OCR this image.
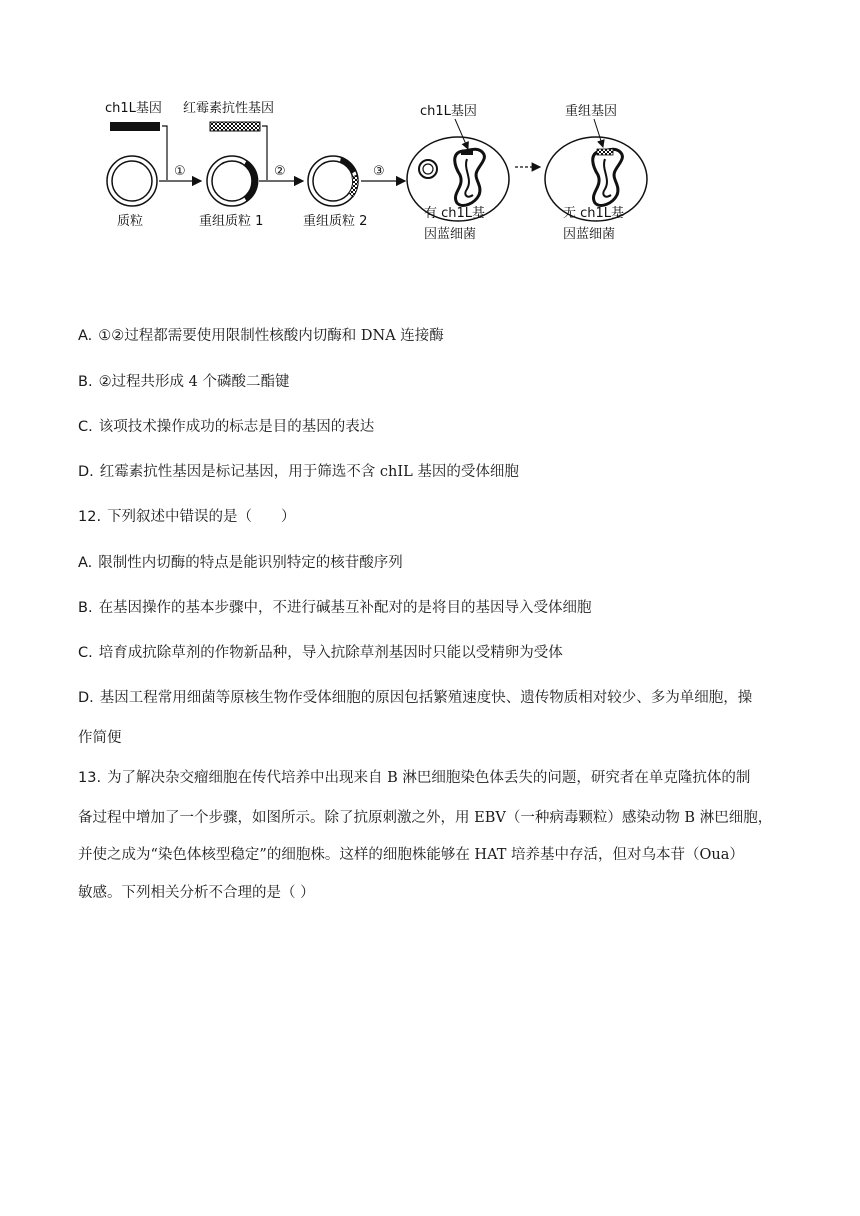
ch1L基因
质粒
①
红霉素抗性基因
重组质粒 1
②
重组质粒 2
③
ch1L基因
有 ch1L基
因蓝细菌
重组基因
无 ch1L基
因蓝细菌
A. ①②过程都需要使用限制性核酸内切酶和 DNA 连接酶
B. ②过程共形成 4 个磷酸二酯键
C. 该项技术操作成功的标志是目的基因的表达
D. 红霉素抗性基因是标记基因，用于筛选不含 chIL 基因的受体细胞
12. 下列叙述中错误的是（　　）
A. 限制性内切酶的特点是能识别特定的核苷酸序列
B. 在基因操作的基本步骤中，不进行碱基互补配对的是将目的基因导入受体细胞
C. 培育成抗除草剂的作物新品种，导入抗除草剂基因时只能以受精卵为受体
D. 基因工程常用细菌等原核生物作受体细胞的原因包括繁殖速度快、遗传物质相对较少、多为单细胞，操
作简便
13. 为了解决杂交瘤细胞在传代培养中出现来自 B 淋巴细胞染色体丢失的问题，研究者在单克隆抗体的制
备过程中增加了一个步骤，如图所示。除了抗原刺激之外，用 EBV（一种病毒颗粒）感染动物 B 淋巴细胞，
并使之成为“染色体核型稳定”的细胞株。这样的细胞株能够在 HAT 培养基中存活，但对乌本苷（Oua）
敏感。下列相关分析不合理的是（ ）
